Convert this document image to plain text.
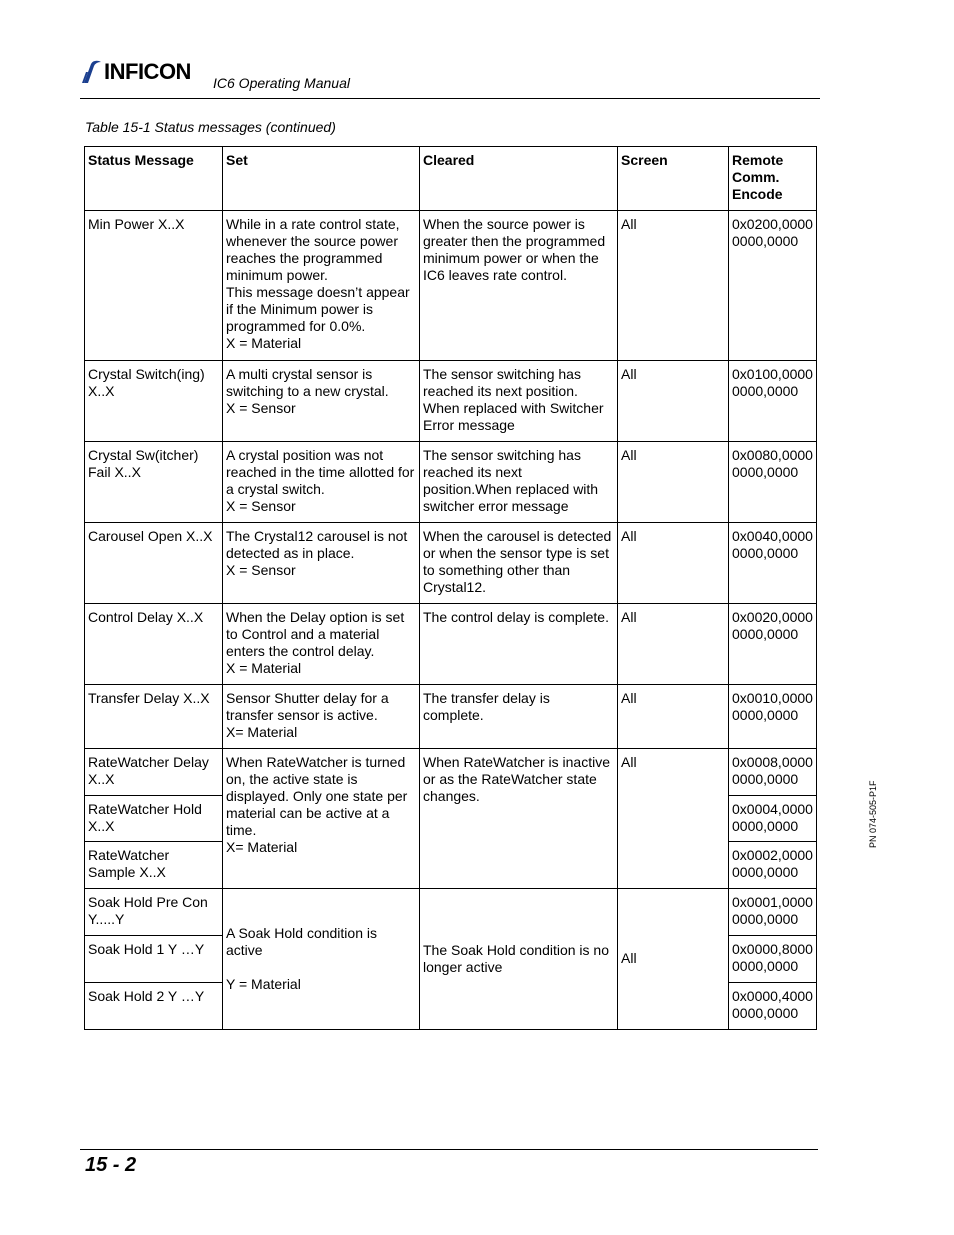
INFICON IC6 Operating Manual
Table 15-1 Status messages (continued)
Status Message	Set	Cleared	Screen	Remote
Comm.
Encode
Min Power X..X	While in a rate control state, whenever the source power reaches the programmed minimum power.
This message doesn’t appear if the Minimum power is programmed for 0.0%.
X = Material	When the source power is greater then the programmed minimum power or when the IC6 leaves rate control.	All	0x0200,0000
0000,0000
Crystal Switch(ing) X..X	A multi crystal sensor is switching to a new crystal.
X = Sensor	The sensor switching has reached its next position. When replaced with Switcher Error message	All	0x0100,0000
0000,0000
Crystal Sw(itcher) Fail X..X	A crystal position was not reached in the time allotted for a crystal switch.
X = Sensor	The sensor switching has reached its next position.When replaced with switcher error message	All	0x0080,0000
0000,0000
Carousel Open X..X	The Crystal12 carousel is not detected as in place.
X = Sensor	When the carousel is detected or when the sensor type is set to something other than Crystal12.	All	0x0040,0000
0000,0000
Control Delay X..X	When the Delay option is set to Control and a material enters the control delay.
X = Material	The control delay is complete.	All	0x0020,0000
0000,0000
Transfer Delay X..X	Sensor Shutter delay for a transfer sensor is active.
X= Material	The transfer delay is complete.	All	0x0010,0000
0000,0000
RateWatcher Delay X..X	When RateWatcher is turned on, the active state is displayed. Only one state per material can be active at a time.
X= Material	When RateWatcher is inactive or as the RateWatcher state changes.	All	0x0008,0000
0000,0000
RateWatcher Hold X..X				0x0004,0000
0000,0000
RateWatcher Sample X..X				0x0002,0000
0000,0000
Soak Hold Pre Con Y.....Y	A Soak Hold condition is active

Y = Material	The Soak Hold condition is no longer active	All	0x0001,0000
0000,0000
Soak Hold 1 Y …Y				0x0000,8000
0000,0000
Soak Hold 2 Y …Y				0x0000,4000
0000,0000
PN 074-505-P1F
15 - 2
